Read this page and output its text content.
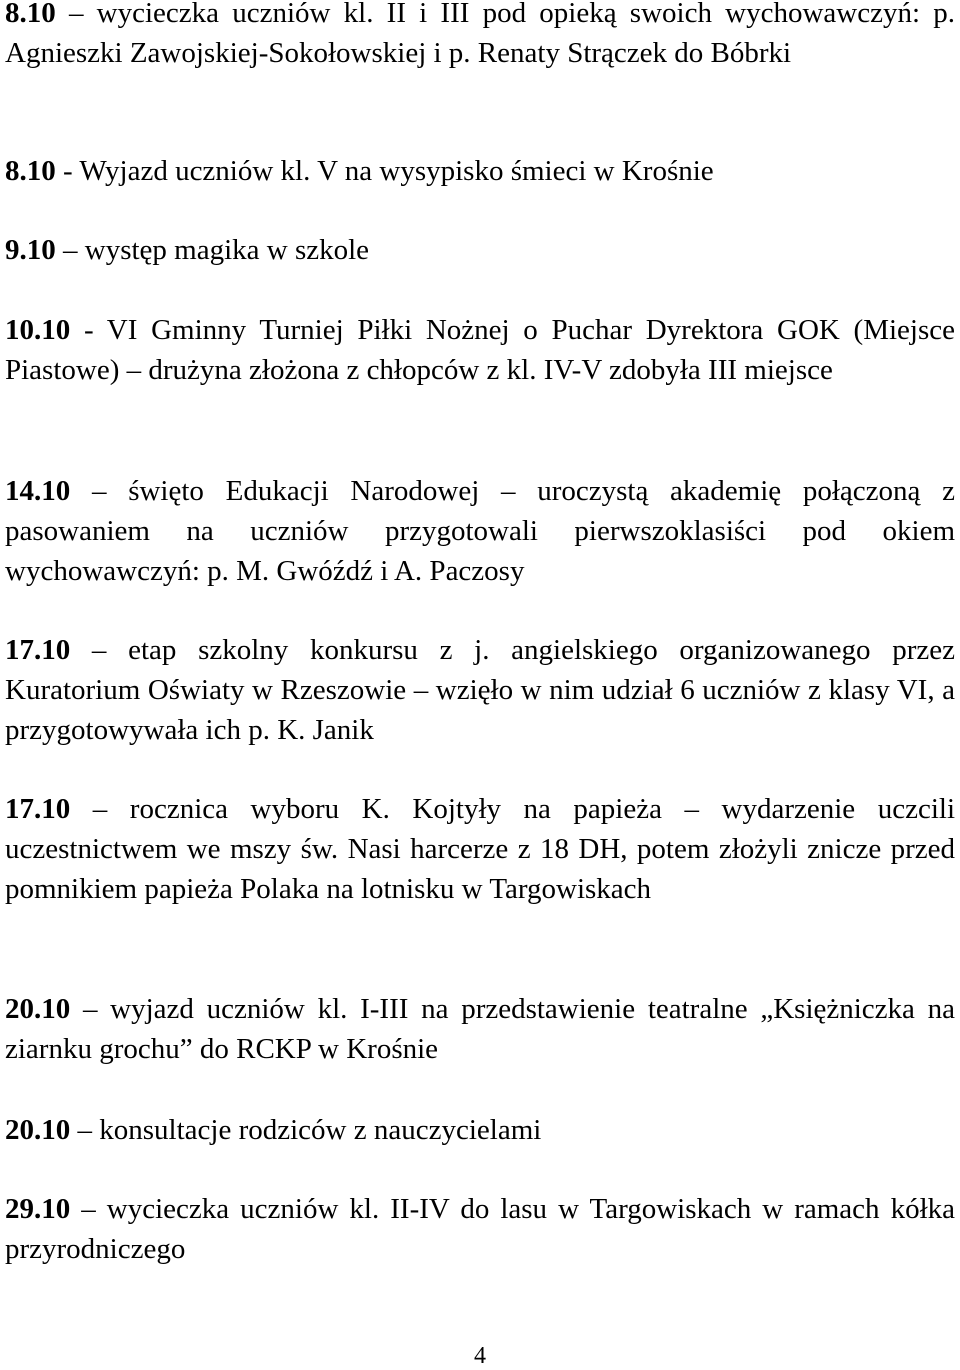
8.10 – wycieczka uczniów kl. II i III pod opieką swoich wychowawczyń: p. Agnieszki Zawojskiej-Sokołowskiej i p. Renaty Strączek do Bóbrki

8.10 - Wyjazd uczniów kl. V na wysypisko śmieci w Krośnie

9.10 – występ magika w szkole

10.10 - VI Gminny Turniej Piłki Nożnej o Puchar Dyrektora GOK (Miejsce Piastowe) – drużyna złożona z chłopców z kl. IV-V zdobyła III miejsce

14.10 – święto Edukacji Narodowej – uroczystą akademię połączoną z pasowaniem na uczniów przygotowali pierwszoklasiści pod okiem wychowawczyń: p. M. Gwóźdź i A. Paczosy

17.10 – etap szkolny konkursu z j. angielskiego organizowanego przez Kuratorium Oświaty w Rzeszowie – wzięło w nim udział 6 uczniów z klasy VI, a przygotowywała ich p. K. Janik

17.10 – rocznica wyboru K. Kojtyły na papieża – wydarzenie uczcili uczestnictwem we mszy św. Nasi harcerze z 18 DH, potem złożyli znicze przed pomnikiem papieża Polaka na lotnisku w Targowiskach

20.10 – wyjazd uczniów kl. I-III na przedstawienie teatralne „Księżniczka na ziarnku grochu” do RCKP w Krośnie

20.10 – konsultacje rodziców z nauczycielami

29.10 – wycieczka uczniów kl. II-IV do lasu w Targowiskach w ramach kółka przyrodniczego

4
